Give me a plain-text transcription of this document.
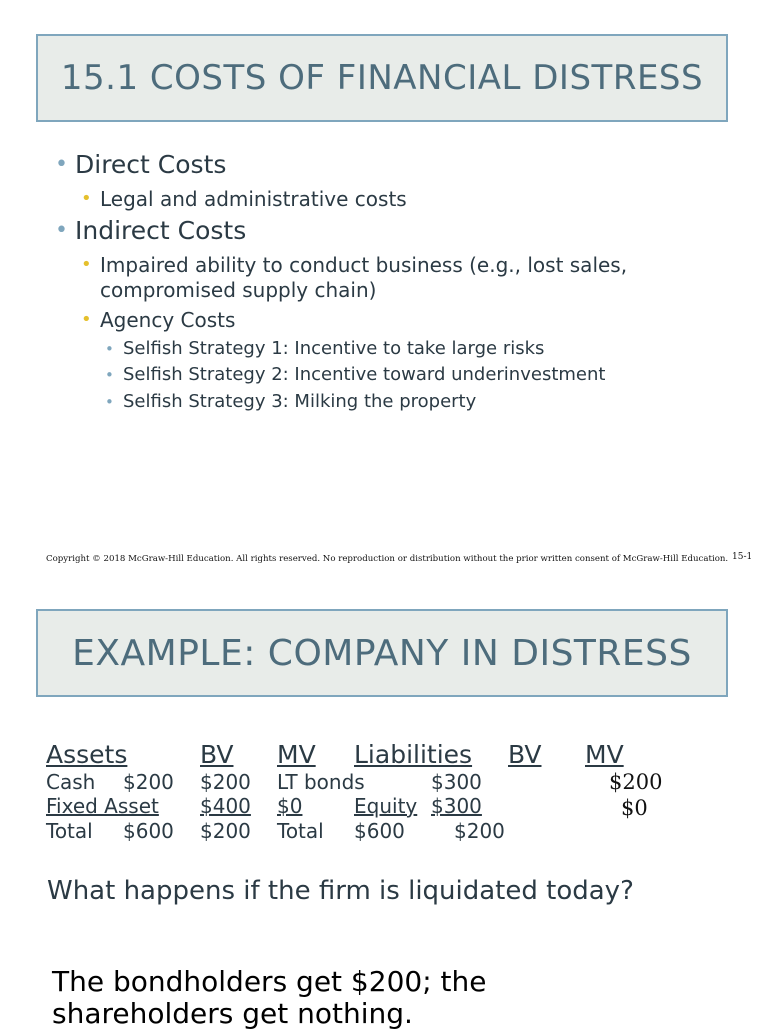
15.1 COSTS OF FINANCIAL DISTRESS
• Direct Costs
• Legal and administrative costs
• Indirect Costs
• Impaired ability to conduct business (e.g., lost sales,
compromised supply chain)
• Agency Costs
• Selfish Strategy 1: Incentive to take large risks
• Selfish Strategy 2: Incentive toward underinvestment
• Selfish Strategy 3: Milking the property
Copyright © 2018 McGraw-Hill Education. All rights reserved. No reproduction or distribution without the prior written consent of McGraw-Hill Education. 15-1
EXAMPLE: COMPANY IN DISTRESS
Assets	BV MV Liabilities BV MV
Cash $200 $200 LT bonds	$300	$200
Fixed Asset $400 $0	Equity $300	$0
Total $600 $200 Total $600 $200
What happens if the firm is liquidated today?
The bondholders get $200; the
shareholders get nothing.
